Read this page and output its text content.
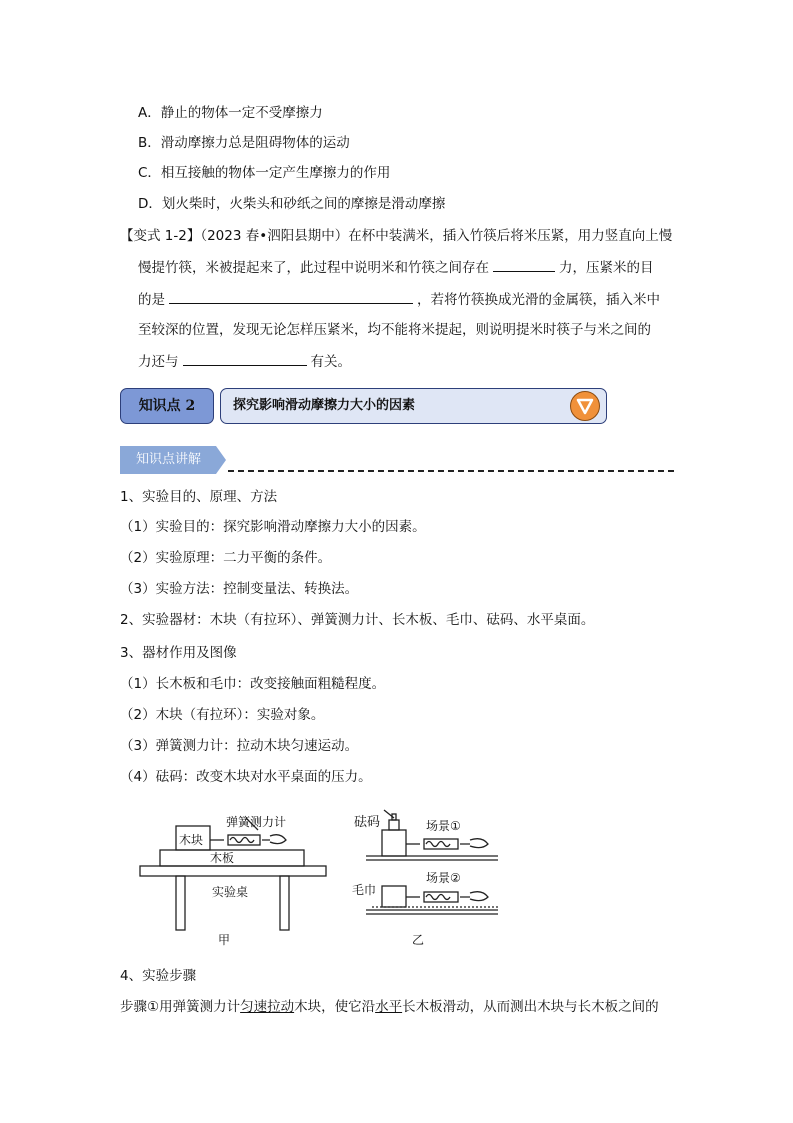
A．静止的物体一定不受摩擦力
B．滑动摩擦力总是阻碍物体的运动
C．相互接触的物体一定产生摩擦力的作用
D．划火柴时，火柴头和砂纸之间的摩擦是滑动摩擦
【变式 1-2】（2023 春•泗阳县期中）在杯中装满米，插入竹筷后将米压紧，用力竖直向上慢
慢提竹筷，米被提起来了，此过程中说明米和竹筷之间存在	力，压紧米的目
的是	，若将竹筷换成光滑的金属筷，插入米中
至较深的位置，发现无论怎样压紧米，均不能将米提起，则说明提米时筷子与米之间的
力还与	有关。
知识点 2	探究影响滑动摩擦力大小的因素
知识点讲解
1、实验目的、原理、方法
（1）实验目的：探究影响滑动摩擦力大小的因素。
（2）实验原理：二力平衡的条件。
（3）实验方法：控制变量法、转换法。
2、实验器材：木块（有拉环）、弹簧测力计、长木板、毛巾、砝码、水平桌面。
3、器材作用及图像
（1）长木板和毛巾：改变接触面粗糙程度。
（2）木块（有拉环）：实验对象。
（3）弹簧测力计：拉动木块匀速运动。
（4）砝码：改变木块对水平桌面的压力。
木块
弹簧测力计
木板
实验桌
甲
砝码	场景①
毛巾
场景②
乙
4、实验步骤
步骤①用弹簧测力计匀速拉动木块，使它沿水平长木板滑动，从而测出木块与长木板之间的
